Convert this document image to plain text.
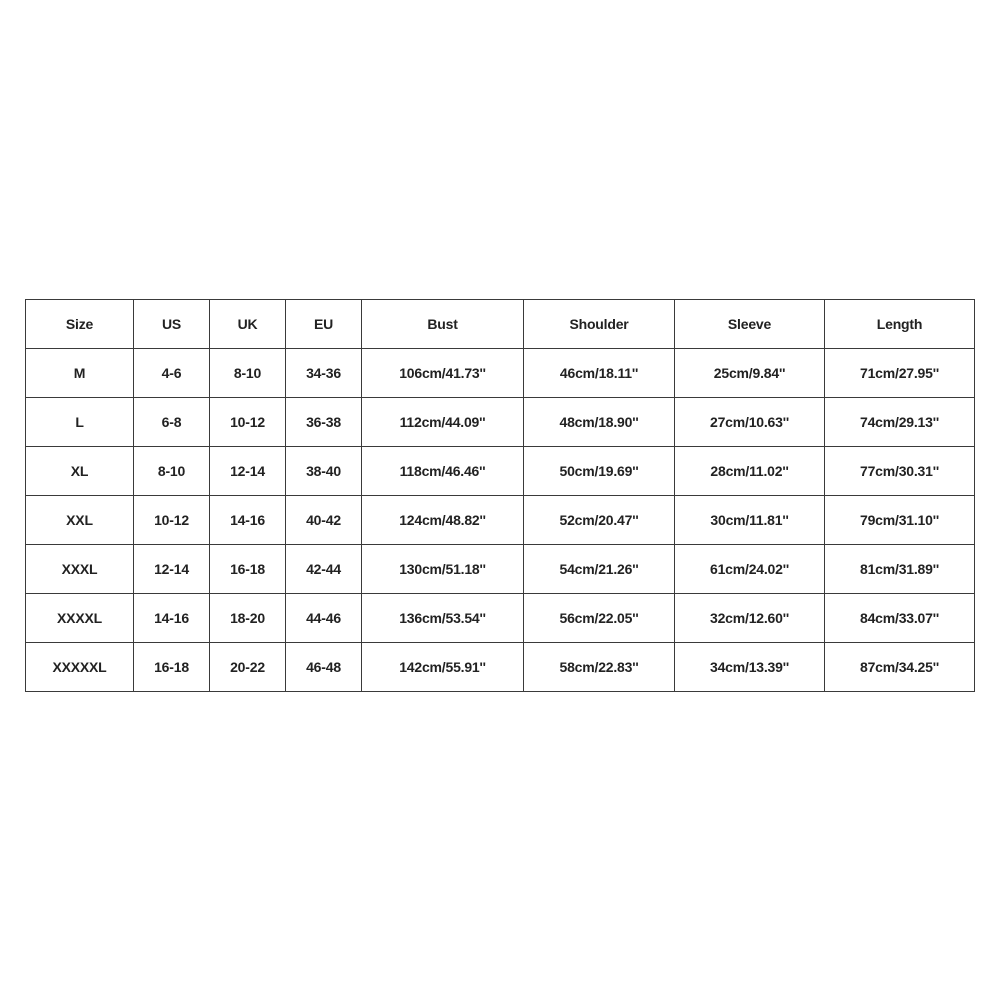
Size	US	UK	EU	Bust	Shoulder	Sleeve	Length
M	4-6	8-10	34-36	106cm/41.73''	46cm/18.11''	25cm/9.84''	71cm/27.95''
L	6-8	10-12	36-38	112cm/44.09''	48cm/18.90''	27cm/10.63''	74cm/29.13''
XL	8-10	12-14	38-40	118cm/46.46''	50cm/19.69''	28cm/11.02''	77cm/30.31''
XXL	10-12	14-16	40-42	124cm/48.82''	52cm/20.47''	30cm/11.81''	79cm/31.10''
XXXL	12-14	16-18	42-44	130cm/51.18''	54cm/21.26''	61cm/24.02''	81cm/31.89''
XXXXL	14-16	18-20	44-46	136cm/53.54''	56cm/22.05''	32cm/12.60''	84cm/33.07''
XXXXXL	16-18	20-22	46-48	142cm/55.91''	58cm/22.83''	34cm/13.39''	87cm/34.25''
